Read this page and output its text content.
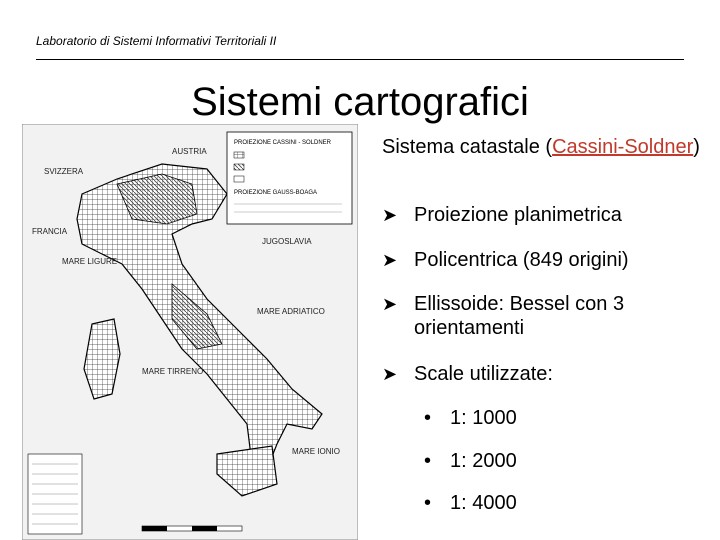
Laboratorio di Sistemi Informativi Territoriali II
Sistemi cartografici
PROIEZIONE CASSINI - SOLDNER
PROIEZIONE GAUSS-BOAGA
SVIZZERA
AUSTRIA
MARE LIGURE
MARE ADRIATICO
MARE TIRRENO
MARE IONIO
JUGOSLAVIA
FRANCIA

Sistema catastale (Cassini-Soldner)

➤ Proiezione planimetrica
➤ Policentrica (849 origini)
➤ Ellissoide: Bessel con 3 orientamenti
➤ Scale utilizzate:
• 1: 1000
• 1: 2000
• 1: 4000
